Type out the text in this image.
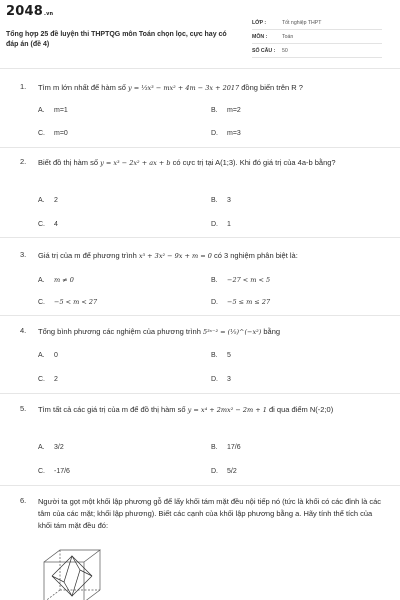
2048.vn
Tổng hợp 25 đề luyện thi THPTQG môn Toán chọn lọc, cực hay có đáp án (đề 4)
LỚP :	Tốt nghiệp THPT
MÔN :	Toán
SỐ CÂU : 50
1. Tìm m lớn nhất để hàm số y = ⅓x³ − mx² + 4m − 3x + 2017 đồng biến trên R ?
A. m=1	B. m=2
C. m=0	D. m=3
2. Biết đồ thị hàm số y = x³ − 2x² + ax + b có cực trị tại A(1;3). Khi đó giá trị của 4a-b bằng?
A. 2	B. 3
C. 4	D. 1
3. Giá trị của m để phương trình x³ + 3x² − 9x + m = 0 có 3 nghiệm phân biệt là:
A. m ≠ 0	B. −27 < m < 5
C. −5 < m < 27	D. −5 ≤ m ≤ 27
4. Tổng bình phương các nghiệm của phương trình 5³ˣ⁻² = (⅕)^(−x²) bằng
A. 0	B. 5
C. 2	D. 3
5. Tìm tất cả các giá trị của m để đồ thị hàm số y = x⁴ + 2mx² − 2m + 1 đi qua điểm N(-2;0)
A. 3/2	B. 17/6
C. -17/6	D. 5/2
6. Người ta gọt một khối lập phương gỗ để lấy khối tám mặt đều nội tiếp nó (tức là khối có các đỉnh là các tâm của các mặt; khối lập phương). Biết các cạnh của khối lập phương bằng a. Hãy tính thể tích của khối tám mặt đều đó:
